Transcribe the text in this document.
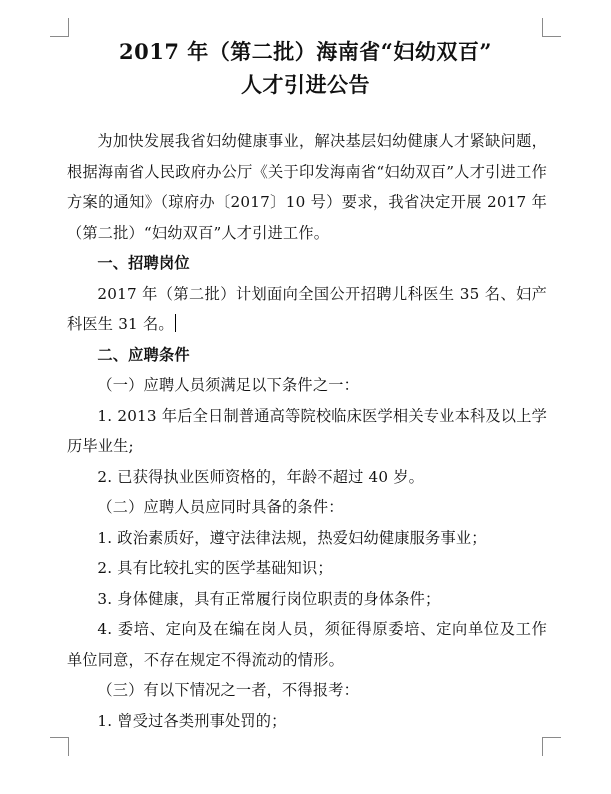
2017 年（第二批）海南省“妇幼双百”
人才引进公告

为加快发展我省妇幼健康事业，解决基层妇幼健康人才紧缺问题，根据海南省人民政府办公厅《关于印发海南省“妇幼双百”人才引进工作方案的通知》（琼府办〔2017〕10 号）要求，我省决定开展 2017 年（第二批）“妇幼双百”人才引进工作。

一、招聘岗位

2017 年（第二批）计划面向全国公开招聘儿科医生 35 名、妇产科医生 31 名。

二、应聘条件

（一）应聘人员须满足以下条件之一：

1. 2013 年后全日制普通高等院校临床医学相关专业本科及以上学历毕业生;

2. 已获得执业医师资格的，年龄不超过 40 岁。

（二）应聘人员应同时具备的条件：

1. 政治素质好，遵守法律法规，热爱妇幼健康服务事业；

2. 具有比较扎实的医学基础知识；

3. 身体健康，具有正常履行岗位职责的身体条件；

4. 委培、定向及在编在岗人员，须征得原委培、定向单位及工作单位同意，不存在规定不得流动的情形。

（三）有以下情况之一者，不得报考：

1. 曾受过各类刑事处罚的；
